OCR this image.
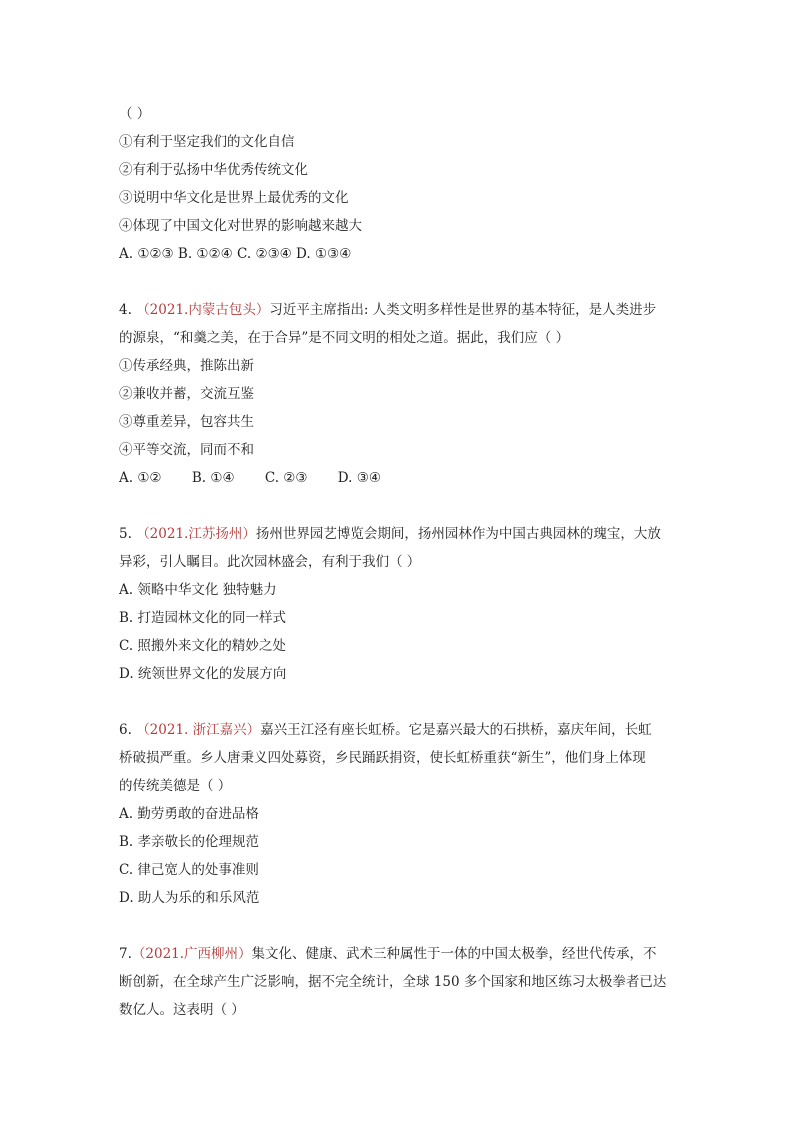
（ ）
①有利于坚定我们的文化自信
②有利于弘扬中华优秀传统文化
③说明中华文化是世界上最优秀的文化
④体现了中国文化对世界的影响越来越大
A. ①②③ B. ①②④ C. ②③④ D. ①③④
4. （2021.内蒙古包头）习近平主席指出: 人类文明多样性是世界的基本特征，是人类进步
的源泉，“和羹之美，在于合异”是不同文明的相处之道。据此，我们应（ ）
①传承经典，推陈出新
②兼收并蓄，交流互鉴
③尊重差异，包容共生
④平等交流，同而不和
A. ①② B. ①④ C. ②③ D. ③④
5. （2021.江苏扬州）扬州世界园艺博览会期间，扬州园林作为中国古典园林的瑰宝，大放
异彩，引人瞩目。此次园林盛会，有利于我们（ ）
A. 领略中华文化 独特魅力
B. 打造园林文化的同一样式
C. 照搬外来文化的精妙之处
D. 统领世界文化的发展方向
6. （2021. 浙江嘉兴）嘉兴王江泾有座长虹桥。它是嘉兴最大的石拱桥，嘉庆年间，长虹
桥破损严重。乡人唐秉义四处募资，乡民踊跃捐资，使长虹桥重获“新生”，他们身上体现
的传统美德是（ ）
A. 勤劳勇敢的奋进品格
B. 孝亲敬长的伦理规范
C. 律己宽人的处事准则
D. 助人为乐的和乐风范
7.（2021.广西柳州）集文化、健康、武术三种属性于一体的中国太极拳，经世代传承，不
断创新，在全球产生广泛影响，据不完全统计，全球 150 多个国家和地区练习太极拳者已达
数亿人。这表明（ ）
